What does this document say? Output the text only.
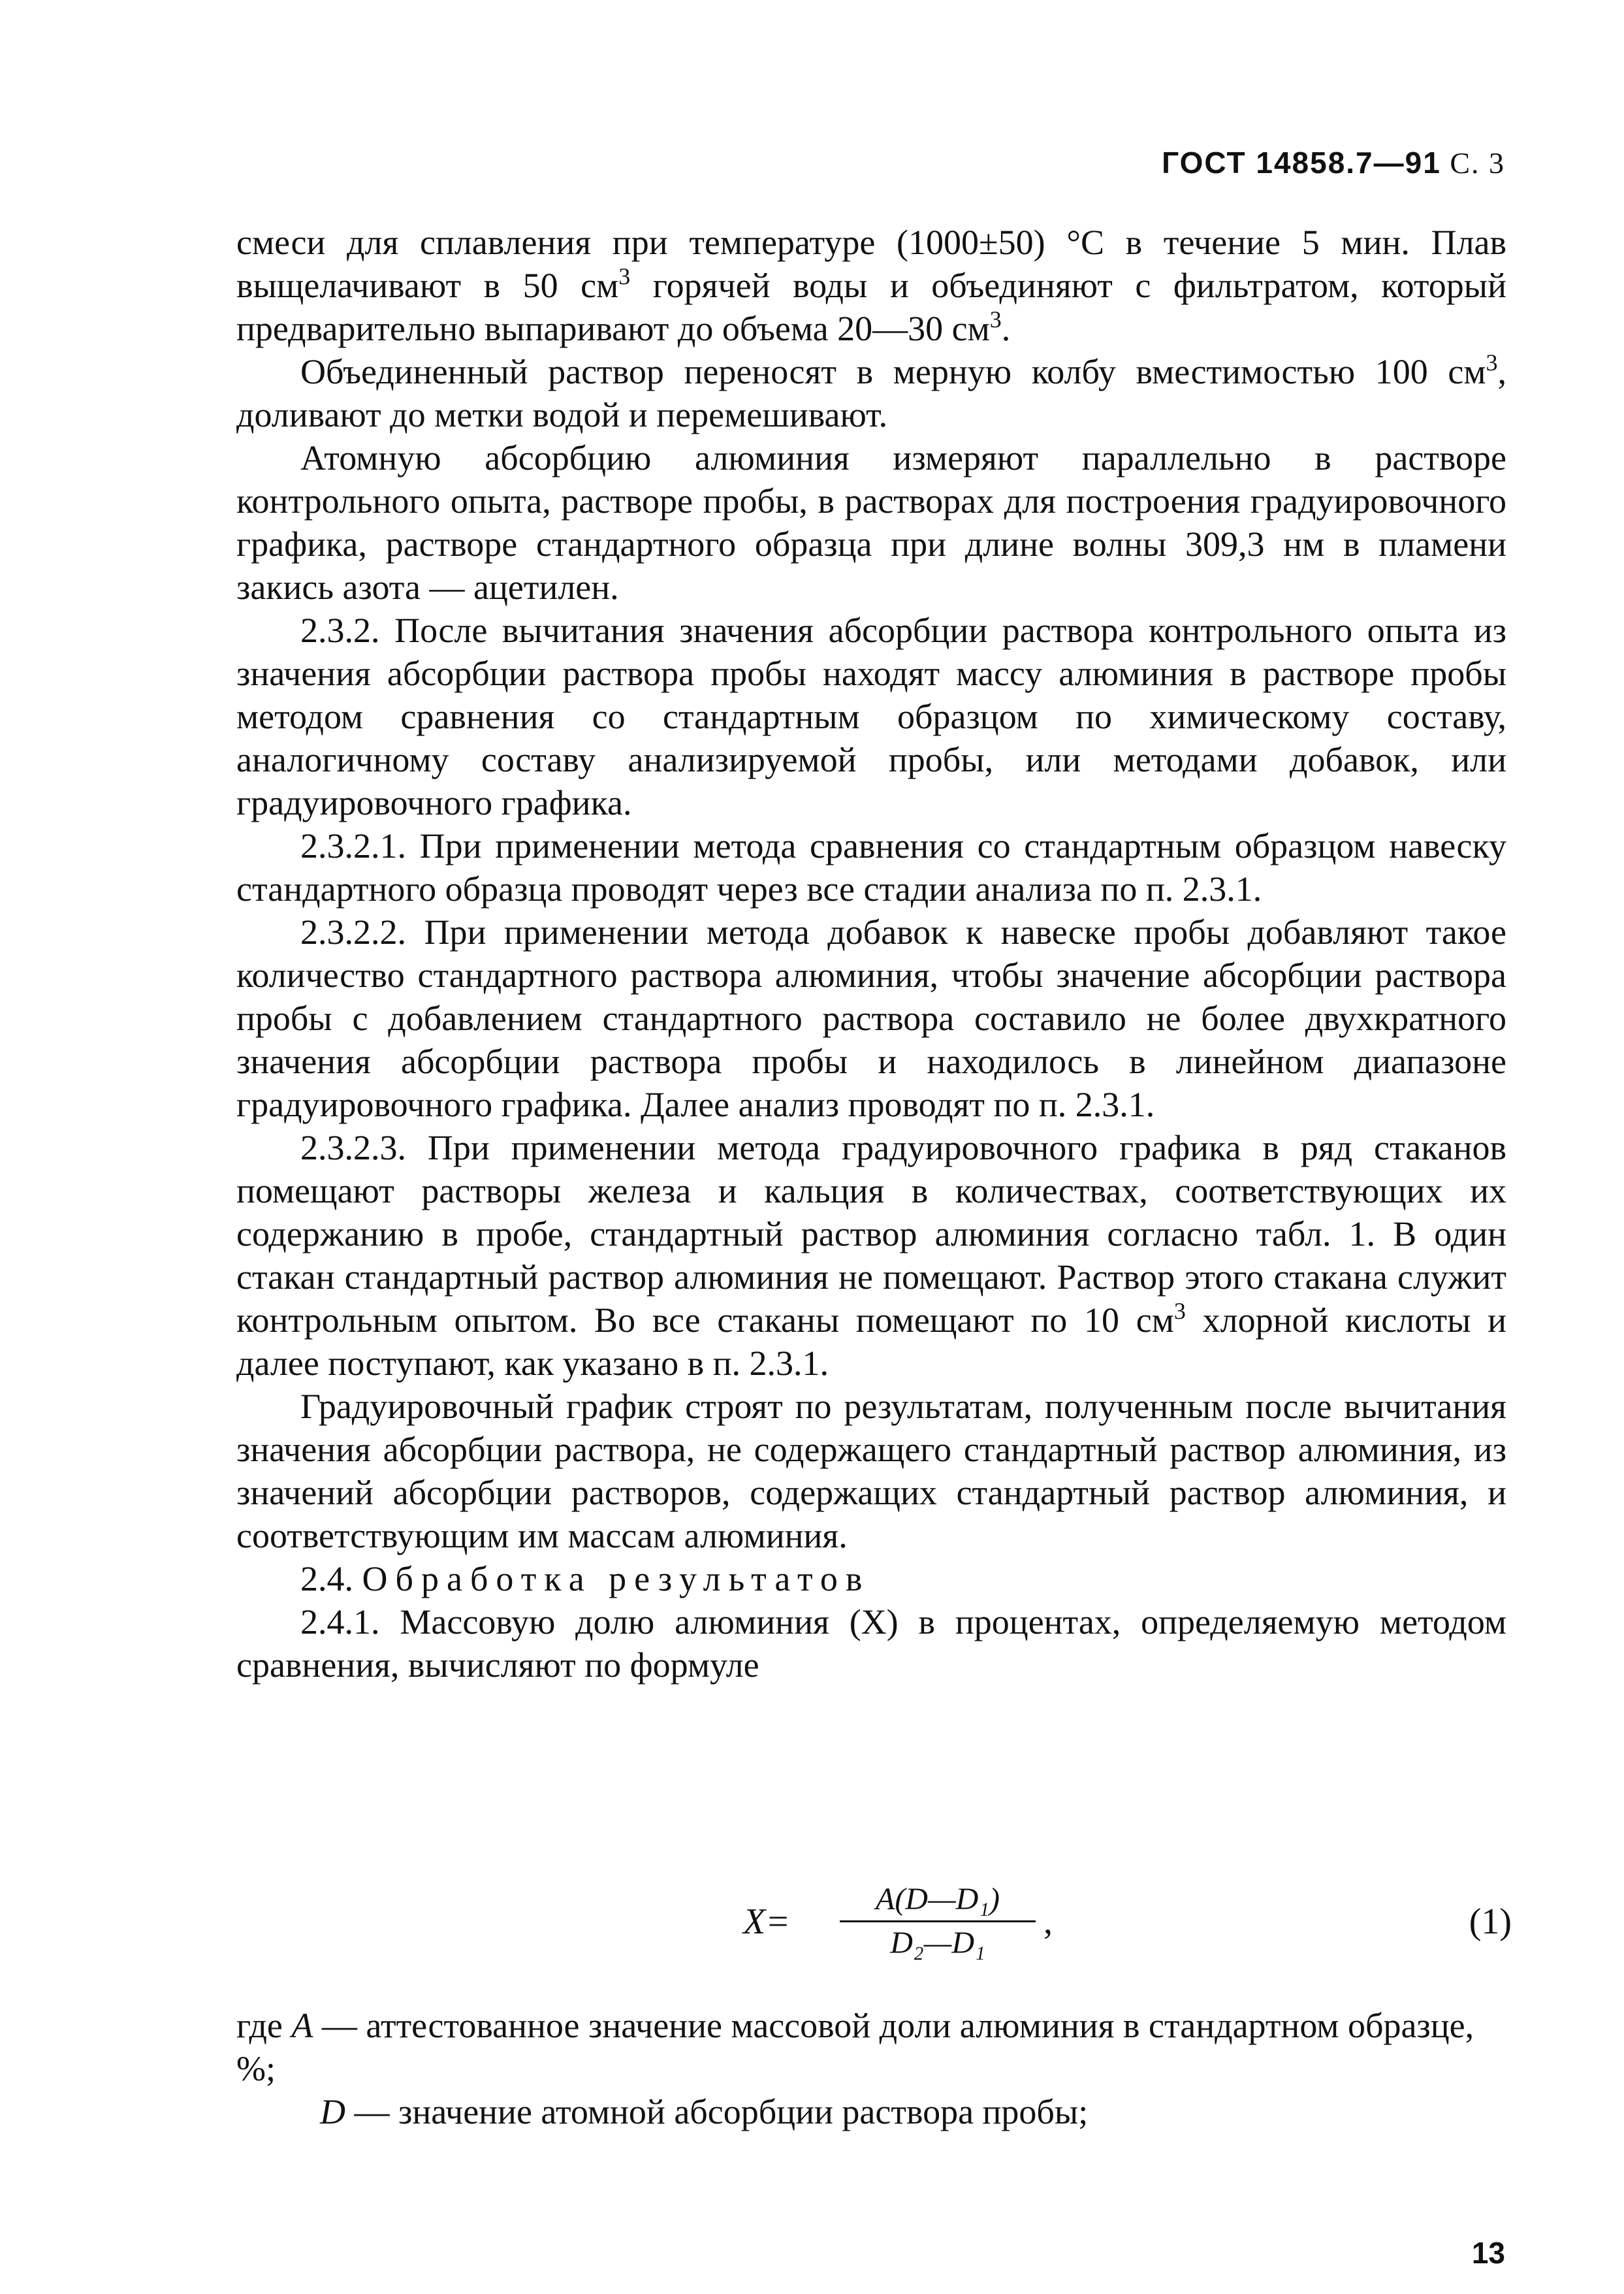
ГОСТ 14858.7—91 С. 3

смеси для сплавления при температуре (1000±50) °C в течение 5 мин. Плав выщелачивают в 50 $см^3$ горячей воды и объединяют с фильтратом, который предварительно выпаривают до объема 20—30 $см^3$.

Объединенный раствор переносят в мерную колбу вместимостью 100 $см^3$, доливают до метки водой и перемешивают.

Атомную абсорбцию алюминия измеряют параллельно в растворе контрольного опыта, растворе пробы, в растворах для построения градуировочного графика, растворе стандартного образца при длине волны 309,3 нм в пламени закись азота — ацетилен.

2.3.2. После вычитания значения абсорбции раствора контрольного опыта из значения абсорбции раствора пробы находят массу алюминия в растворе пробы методом сравнения со стандартным образцом по химическому составу, аналогичному составу анализируемой пробы, или методами добавок, или градуировочного графика.

2.3.2.1. При применении метода сравнения со стандартным образцом навеску стандартного образца проводят через все стадии анализа по п. 2.3.1.

2.3.2.2. При применении метода добавок к навеске пробы добавляют такое количество стандартного раствора алюминия, чтобы значение абсорбции раствора пробы с добавлением стандартного раствора составило не более двухкратного значения абсорбции раствора пробы и находилось в линейном диапазоне градуировочного графика. Далее анализ проводят по п. 2.3.1.

2.3.2.3. При применении метода градуировочного графика в ряд стаканов помещают растворы железа и кальция в количествах, соответствующих их содержанию в пробе, стандартный раствор алюминия согласно табл. 1. В один стакан стандартный раствор алюминия не помещают. Раствор этого стакана служит контрольным опытом. Во все стаканы помещают по 10 $см^3$ хлорной кислоты и далее поступают, как указано в п. 2.3.1.

Градуировочный график строят по результатам, полученным после вычитания значения абсорбции раствора, не содержащего стандартный раствор алюминия, из значений абсорбции растворов, содержащих стандартный раствор алюминия, и соответствующим им массам алюминия.

2.4. Обработка результатов

2.4.1. Массовую долю алюминия (X) в процентах, определяемую методом сравнения, вычисляют по формуле

X=
A(D—D₁)
D₂—D₁
,	(1)
где A — аттестованное значение массовой доли алюминия в стандартном образце, %;
D — значение атомной абсорбции раствора пробы;
13
